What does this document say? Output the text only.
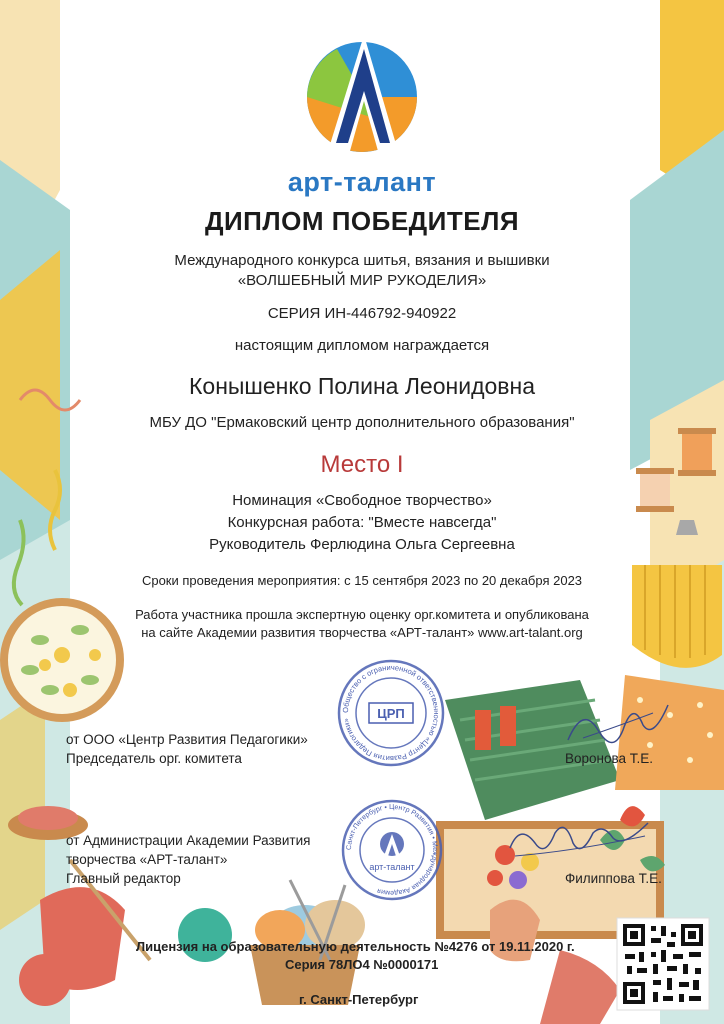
арт-талант
ДИПЛОМ ПОБЕДИТЕЛЯ
Международного конкурса шитья, вязания и вышивки
«ВОЛШЕБНЫЙ МИР РУКОДЕЛИЯ»
СЕРИЯ ИН-446792-940922
настоящим дипломом награждается
Конышенко Полина Леонидовна
МБУ ДО "Ермаковский центр дополнительного образования"
Место I
Номинация «Свободное творчество»
Конкурсная работа: "Вместе навсегда"
Руководитель Ферлюдина Ольга Сергеевна
Сроки проведения мероприятия: с 15 сентября 2023 по 20 декабря 2023
Работа участника прошла экспертную оценку орг.комитета и опубликована
на сайте Академии развития творчества «АРТ-талант» www.art-talant.org
Общество с ограниченной ответственностью «Центр Развития Педагогики»	ЦРП
Санкт-Петербург • Центр Развития • Международная Академия
арт-талант
от ООО «Центр Развития Педагогики»
Председатель орг. комитета	Воронова Т.Е.
от Администрации Академии Развития
творчества «АРТ-талант»
Главный редактор	Филиппова Т.Е.
Лицензия на образовательную деятельность №4276 от 19.11.2020 г.
Серия 78ЛО4 №0000171
г. Санкт-Петербург
